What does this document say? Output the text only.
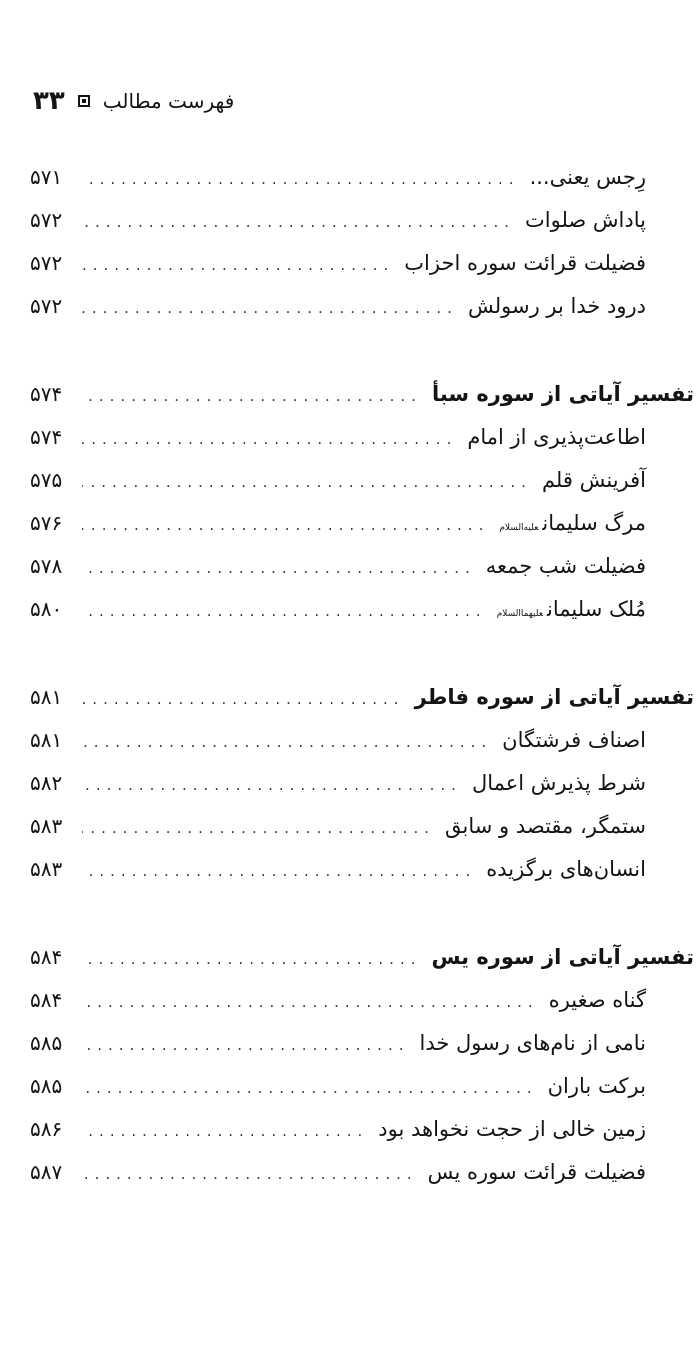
فهرست مطالب
۳۳
رِجس یعنی...
.....
۵۷۱
پاداش صلوات
.....
۵۷۲
فضیلت قرائت سوره احزاب
.....
۵۷۲
درود خدا بر رسولش
.....
۵۷۲
تفسیر آیاتی از سوره سبأ
.....
۵۷۴
اطاعت‌پذیری از امام
.....
۵۷۴
آفرینش قلم
.....
۵۷۵
مرگ سلیمانعلیه‌السلام
.....
۵۷۶
فضیلت شب جمعه
.....
۵۷۸
مُلک سلیمانعلیهماالسلام
.....
۵۸۰
تفسیر آیاتی از سوره فاطر
.....
۵۸۱
اصناف فرشتگان
.....
۵۸۱
شرط پذیرش اعمال
.....
۵۸۲
ستمگر، مقتصد و سابق
.....
۵۸۳
انسان‌های برگزیده
.....
۵۸۳
تفسیر آیاتی از سوره یس
.....
۵۸۴
گناه صغیره
.....
۵۸۴
نامی از نام‌های رسول خدا
.....
۵۸۵
برکت باران
.....
۵۸۵
زمین خالی از حجت نخواهد بود
.....
۵۸۶
فضیلت قرائت سوره یس
.....
۵۸۷
